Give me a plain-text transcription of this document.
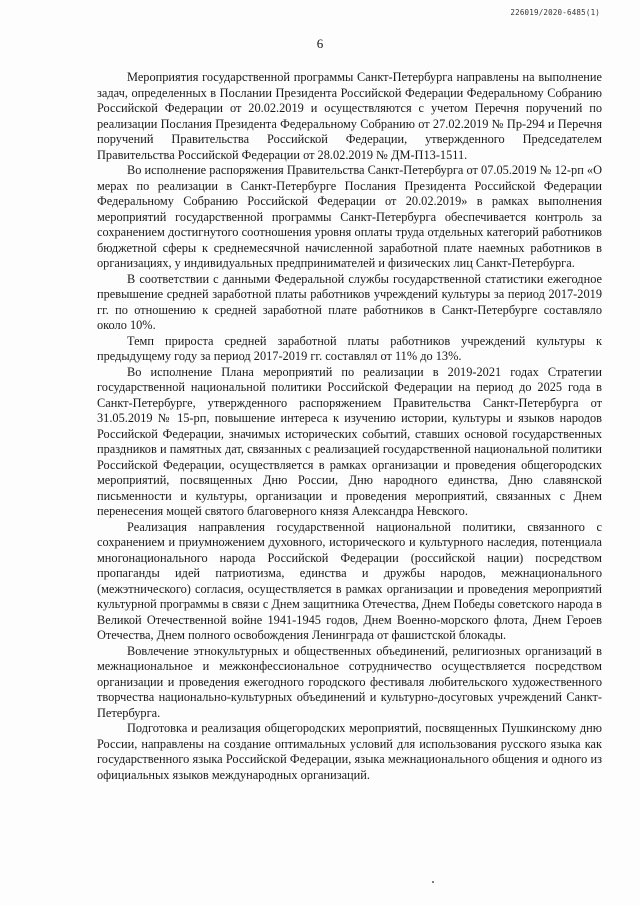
226019/2020-6485(1)
6

Мероприятия государственной программы Санкт-Петербурга направлены на выполнение задач, определенных в Послании Президента Российской Федерации Федеральному Собранию Российской Федерации от 20.02.2019 и осуществляются с учетом Перечня поручений по реализации Послания Президента Федеральному Собранию от 27.02.2019 № Пр-294 и Перечня поручений Правительства Российской Федерации, утвержденного Председателем Правительства Российской Федерации от 28.02.2019 № ДМ-П13-1511.

Во исполнение распоряжения Правительства Санкт-Петербурга от 07.05.2019 № 12-рп «О мерах по реализации в Санкт-Петербурге Послания Президента Российской Федерации Федеральному Собранию Российской Федерации от 20.02.2019» в рамках выполнения мероприятий государственной программы Санкт-Петербурга обеспечивается контроль за сохранением достигнутого соотношения уровня оплаты труда отдельных категорий работников бюджетной сферы к среднемесячной начисленной заработной плате наемных работников в организациях, у индивидуальных предпринимателей и физических лиц Санкт-Петербурга.

В соответствии с данными Федеральной службы государственной статистики ежегодное превышение средней заработной платы работников учреждений культуры за период 2017-2019 гг. по отношению к средней заработной плате работников в Санкт-Петербурге составляло около 10%.

Темп прироста средней заработной платы работников учреждений культуры к предыдущему году за период 2017-2019 гг. составлял от 11% до 13%.

Во исполнение Плана мероприятий по реализации в 2019-2021 годах Стратегии государственной национальной политики Российской Федерации на период до 2025 года в Санкт-Петербурге, утвержденного распоряжением Правительства Санкт-Петербурга от 31.05.2019 № 15-рп, повышение интереса к изучению истории, культуры и языков народов Российской Федерации, значимых исторических событий, ставших основой государственных праздников и памятных дат, связанных с реализацией государственной национальной политики Российской Федерации, осуществляется в рамках организации и проведения общегородских мероприятий, посвященных Дню России, Дню народного единства, Дню славянской письменности и культуры, организации и проведения мероприятий, связанных с Днем перенесения мощей святого благоверного князя Александра Невского.

Реализация направления государственной национальной политики, связанного с сохранением и приумножением духовного, исторического и культурного наследия, потенциала многонационального народа Российской Федерации (российской нации) посредством пропаганды идей патриотизма, единства и дружбы народов, межнационального (межэтнического) согласия, осуществляется в рамках организации и проведения мероприятий культурной программы в связи с Днем защитника Отечества, Днем Победы советского народа в Великой Отечественной войне 1941-1945 годов, Днем Военно-морского флота, Днем Героев Отечества, Днем полного освобождения Ленинграда от фашистской блокады.

Вовлечение этнокультурных и общественных объединений, религиозных организаций в межнациональное и межконфессиональное сотрудничество осуществляется посредством организации и проведения ежегодного городского фестиваля любительского художественного творчества национально-культурных объединений и культурно-досуговых учреждений Санкт-Петербурга.

Подготовка и реализация общегородских мероприятий, посвященных Пушкинскому дню России, направлены на создание оптимальных условий для использования русского языка как государственного языка Российской Федерации, языка межнационального общения и одного из официальных языков международных организаций.
